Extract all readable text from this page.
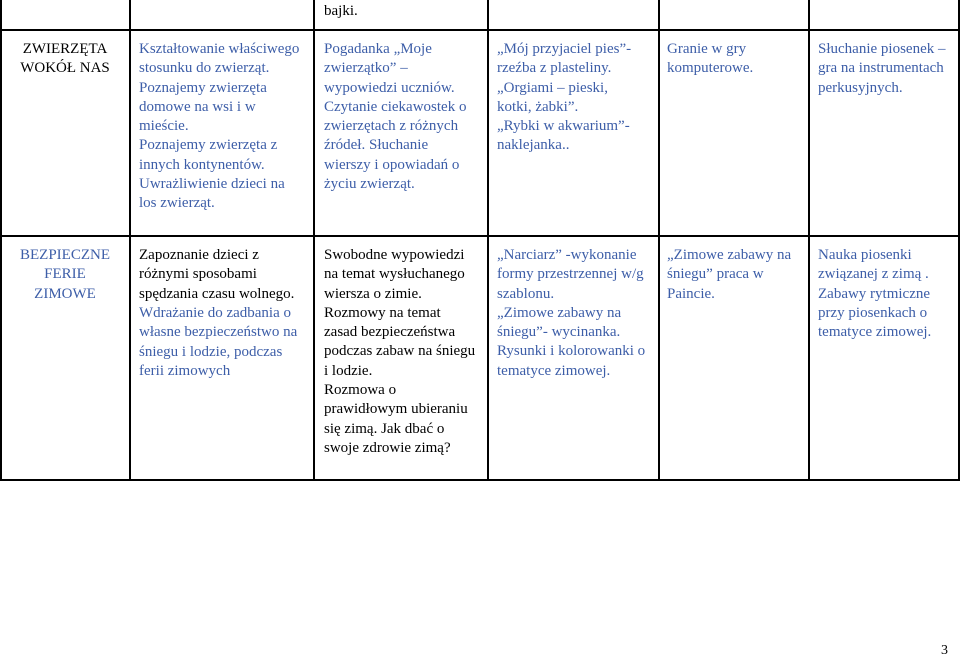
bajki.
ZWIERZĘTA
WOKÓŁ NAS
Kształtowanie właściwego
stosunku do zwierząt.
Poznajemy zwierzęta
domowe na wsi i w
mieście.
Poznajemy zwierzęta z
innych kontynentów.
Uwrażliwienie dzieci na
los zwierząt.
Pogadanka „Moje
zwierzątko” –
wypowiedzi uczniów.
Czytanie ciekawostek o
zwierzętach z różnych
źródeł. Słuchanie
wierszy i opowiadań o
życiu zwierząt.
„Mój przyjaciel pies”-
rzeźba z plasteliny.
„Orgiami – pieski,
kotki, żabki”.
„Rybki w akwarium”-
naklejanka..
Granie w gry
komputerowe.
Słuchanie piosenek –
gra na instrumentach
perkusyjnych.
BEZPIECZNE
FERIE
ZIMOWE
Zapoznanie dzieci z
różnymi sposobami
spędzania czasu wolnego.
Wdrażanie do zadbania o
własne bezpieczeństwo na
śniegu i lodzie, podczas
ferii zimowych
Swobodne wypowiedzi
na temat wysłuchanego
wiersza o zimie.
Rozmowy na temat
zasad bezpieczeństwa
podczas zabaw na śniegu
i lodzie.
Rozmowa o
prawidłowym ubieraniu
się zimą. Jak dbać o
swoje zdrowie zimą?
„Narciarz” -wykonanie
formy przestrzennej w/g
szablonu.
„Zimowe zabawy na
śniegu”- wycinanka.
Rysunki i kolorowanki o
tematyce zimowej.
„Zimowe zabawy na
śniegu” praca w
Paincie.
Nauka piosenki
związanej z zimą .
Zabawy rytmiczne
przy piosenkach o
tematyce zimowej.
3
